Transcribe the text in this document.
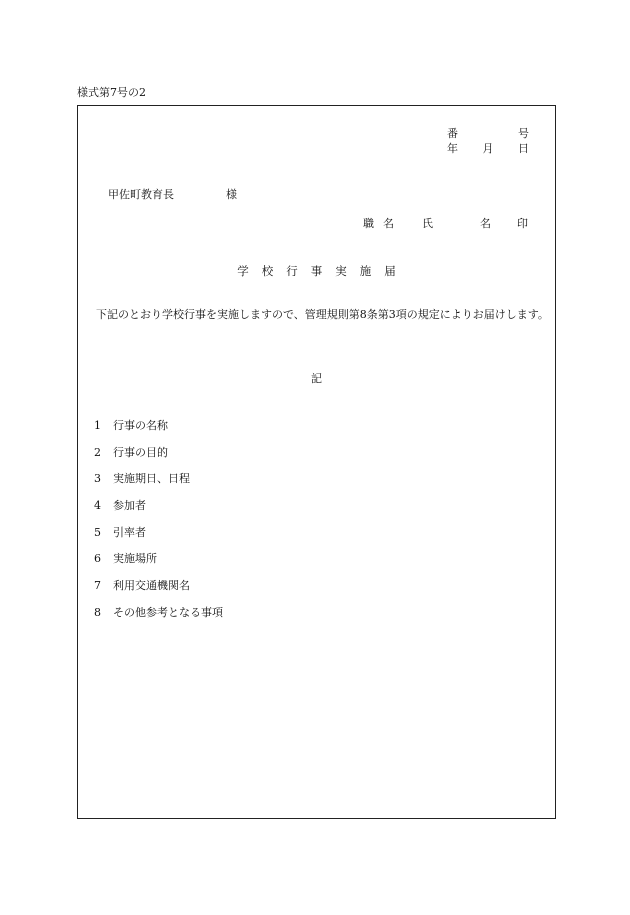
様式第7号の2
番	号
年 月 日
甲佐町教育長	様
職 名	氏	名 印
学 校 行 事 実 施 届
下記のとおり学校行事を実施しますので、管理規則第8条第3項の規定によりお届けします。
記
1 行事の名称
2 行事の目的
3 実施期日、日程
4 参加者
5 引率者
6 実施場所
7 利用交通機関名
8 その他参考となる事項
